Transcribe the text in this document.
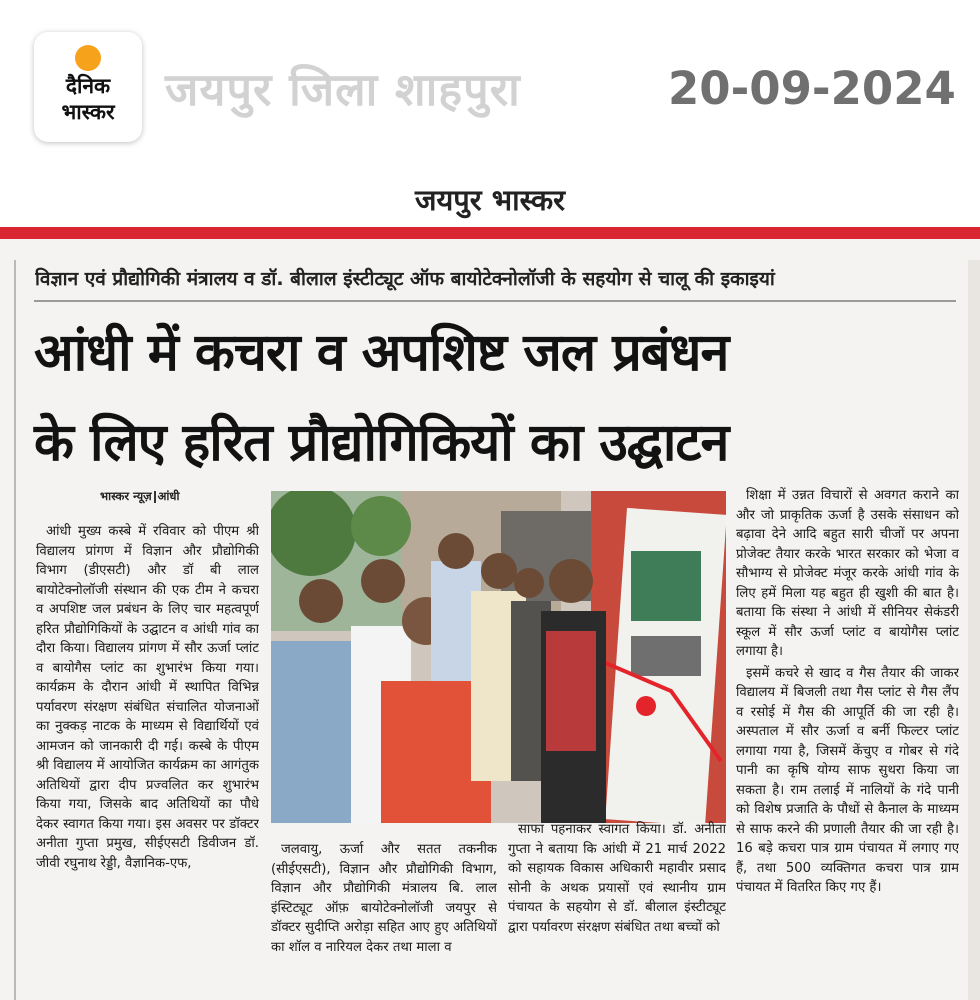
दैनिक
भास्कर	जयपुर जिला शाहपुरा	20-09-2024
जयपुर भास्कर
विज्ञान एवं प्रौद्योगिकी मंत्रालय व डॉ. बीलाल इंस्टीट्यूट ऑफ बायोटेक्नोलॉजी के सहयोग से चालू की इकाइयां
आंधी में कचरा व अपशिष्ट जल प्रबंधन
के लिए हरित प्रौद्योगिकियों का उद्घाटन
भास्कर न्यूज़ आंधी

आंधी मुख्य कस्बे में रविवार को पीएम श्री विद्यालय प्रांगण में विज्ञान और प्रौद्योगिकी विभाग (डीएसटी) और डॉ बी लाल बायोटेक्नोलॉजी संस्थान की एक टीम ने कचरा व अपशिष्ट जल प्रबंधन के लिए चार महत्वपूर्ण हरित प्रौद्योगिकियों के उद्घाटन व आंधी गांव का दौरा किया। विद्यालय प्रांगण में सौर ऊर्जा प्लांट व बायोगैस प्लांट का शुभारंभ किया गया। कार्यक्रम के दौरान आंधी में स्थापित विभिन्न पर्यावरण संरक्षण संबंधित संचालित योजनाओं का नुक्कड़ नाटक के माध्यम से विद्यार्थियों एवं आमजन को जानकारी दी गई। कस्बे के पीएम श्री विद्यालय में आयोजित कार्यक्रम का आगंतुक अतिथियों द्वारा दीप प्रज्वलित कर शुभारंभ किया गया, जिसके बाद अतिथियों का पौधे देकर स्वागत किया गया। इस अवसर पर डॉक्टर अनीता गुप्ता प्रमुख, सीईएसटी डिवीजन डॉ. जीवी रघुनाथ रेड्डी, वैज्ञानिक-एफ,

जलवायु, ऊर्जा और सतत तकनीक (सीईएसटी), विज्ञान और प्रौद्योगिकी विभाग, विज्ञान और प्रौद्योगिकी मंत्रालय बि. लाल इंस्टिट्यूट ऑफ़ बायोटेक्नोलॉजी जयपुर से डॉक्टर सुदीप्ति अरोड़ा सहित आए हुए अतिथियों का शॉल व नारियल देकर तथा माला व

साफा पहनाकर स्वागत किया। डॉ. अनीता गुप्ता ने बताया कि आंधी में 21 मार्च 2022 को सहायक विकास अधिकारी महावीर प्रसाद सोनी के अथक प्रयासों एवं स्थानीय ग्राम पंचायत के सहयोग से डॉ. बीलाल इंस्टीट्यूट द्वारा पर्यावरण संरक्षण संबंधित तथा बच्चों को

शिक्षा में उन्नत विचारों से अवगत कराने का और जो प्राकृतिक ऊर्जा है उसके संसाधन को बढ़ावा देने आदि बहुत सारी चीजों पर अपना प्रोजेक्ट तैयार करके भारत सरकार को भेजा व सौभाग्य से प्रोजेक्ट मंजूर करके आंधी गांव के लिए हमें मिला यह बहुत ही खुशी की बात है। बताया कि संस्था ने आंधी में सीनियर सेकंडरी स्कूल में सौर ऊर्जा प्लांट व बायोगैस प्लांट लगाया है।

इसमें कचरे से खाद व गैस तैयार की जाकर विद्यालय में बिजली तथा गैस प्लांट से गैस लैंप व रसोई में गैस की आपूर्ति की जा रही है। अस्पताल में सौर ऊर्जा व बर्नी फिल्टर प्लांट लगाया गया है, जिसमें केंचुए व गोबर से गंदे पानी का कृषि योग्य साफ सुथरा किया जा सकता है। राम तलाई में नालियों के गंदे पानी को विशेष प्रजाति के पौधों से कैनाल के माध्यम से साफ करने की प्रणाली तैयार की जा रही है। 16 बड़े कचरा पात्र ग्राम पंचायत में लगाए गए हैं, तथा 500 व्यक्तिगत कचरा पात्र ग्राम पंचायत में वितरित किए गए हैं।
